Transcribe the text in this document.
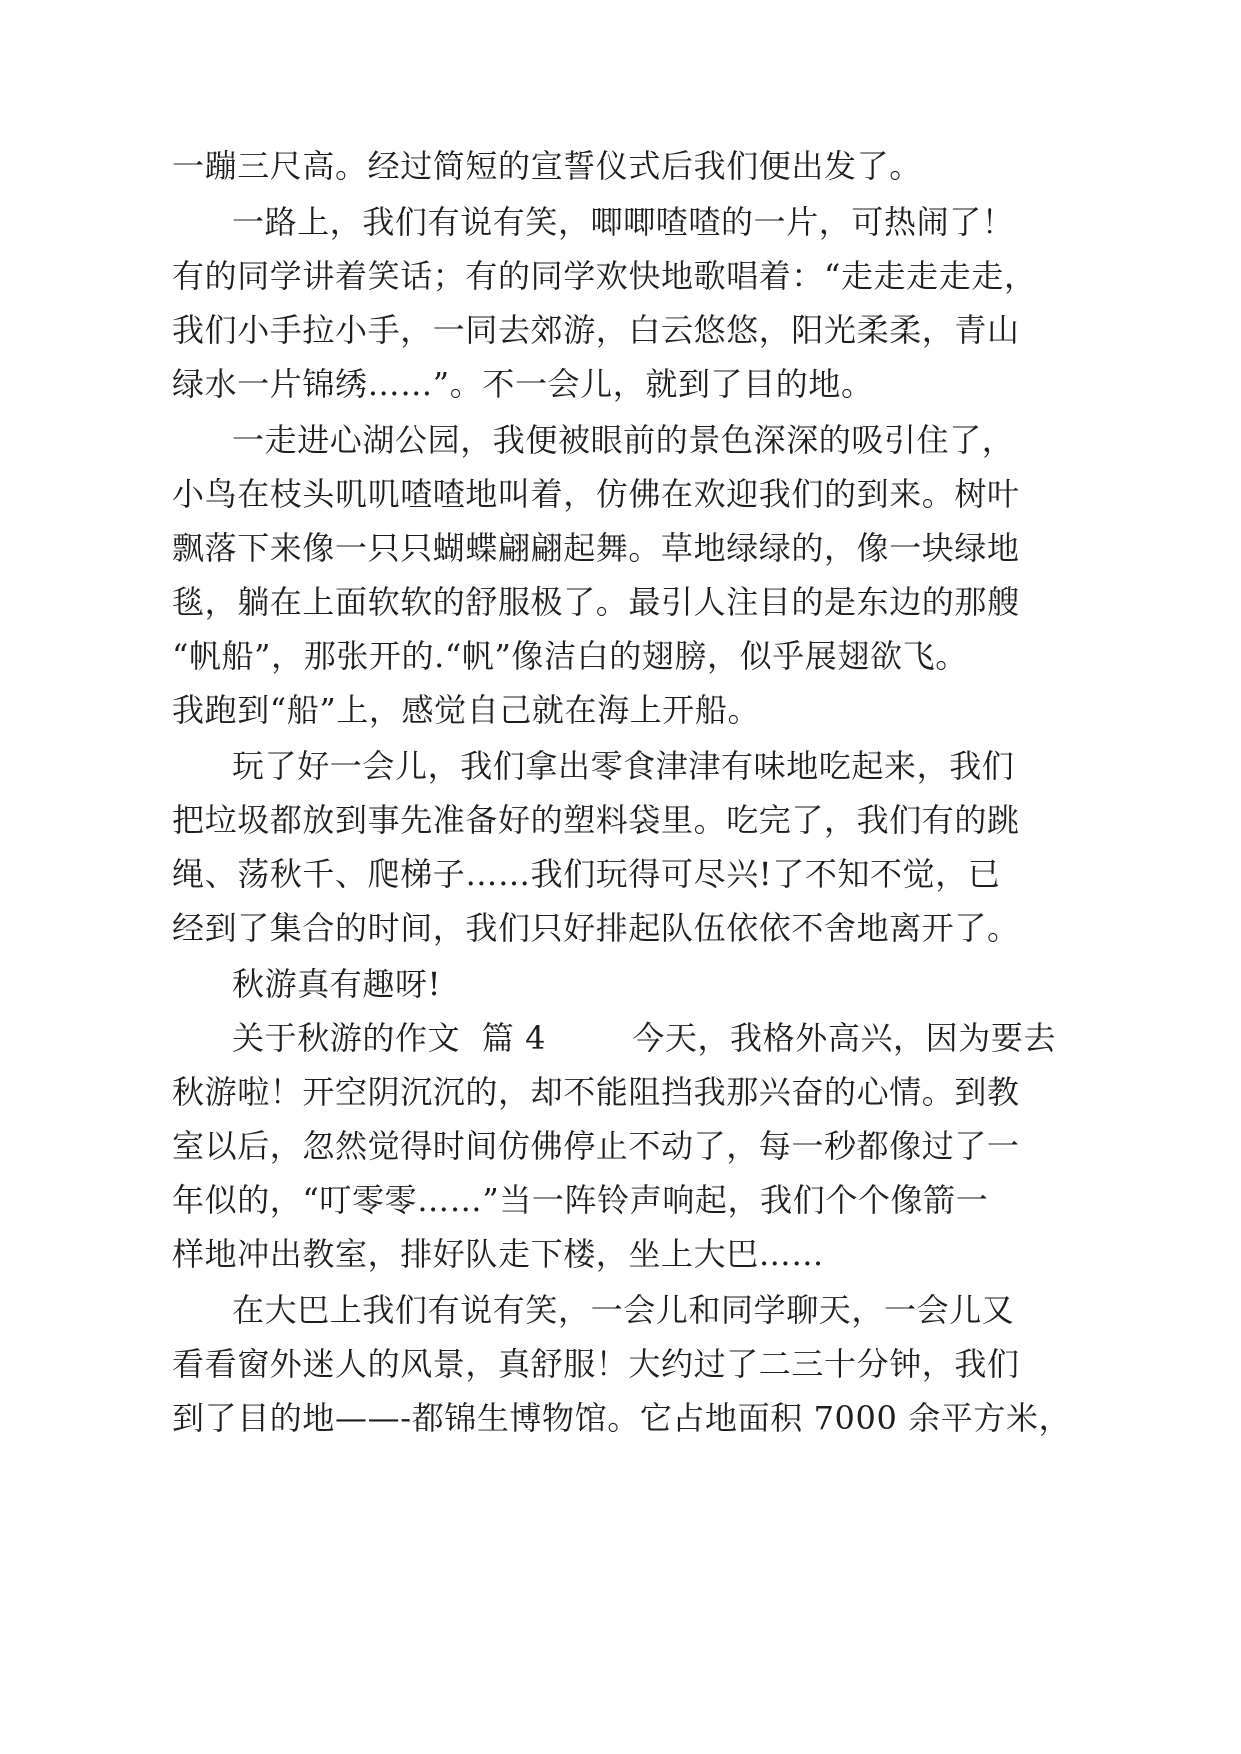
一蹦三尺高。经过简短的宣誓仪式后我们便出发了。
一路上，我们有说有笑，唧唧喳喳的一片，可热闹了！
有的同学讲着笑话；有的同学欢快地歌唱着：“走走走走走，
我们小手拉小手，一同去郊游，白云悠悠，阳光柔柔，青山
绿水一片锦绣……”。不一会儿，就到了目的地。
一走进心湖公园，我便被眼前的景色深深的吸引住了，
小鸟在枝头叽叽喳喳地叫着，仿佛在欢迎我们的到来。树叶
飘落下来像一只只蝴蝶翩翩起舞。草地绿绿的，像一块绿地
毯，躺在上面软软的舒服极了。最引人注目的是东边的那艘
“帆船”，那张开的.“帆”像洁白的翅膀，似乎展翅欲飞。
我跑到“船”上，感觉自己就在海上开船。
玩了好一会儿，我们拿出零食津津有味地吃起来，我们
把垃圾都放到事先准备好的塑料袋里。吃完了，我们有的跳
绳、荡秋千、爬梯子……我们玩得可尽兴!了不知不觉，已
经到了集合的时间，我们只好排起队伍依依不舍地离开了。
秋游真有趣呀!
关于秋游的作文  篇 4        今天，我格外高兴，因为要去
秋游啦！开空阴沉沉的，却不能阻挡我那兴奋的心情。到教
室以后，忽然觉得时间仿佛停止不动了，每一秒都像过了一
年似的，“叮零零……”当一阵铃声响起，我们个个像箭一
样地冲出教室，排好队走下楼，坐上大巴……
在大巴上我们有说有笑，一会儿和同学聊天，一会儿又
看看窗外迷人的风景，真舒服！大约过了二三十分钟，我们
到了目的地——-都锦生博物馆。它占地面积 7000 余平方米，
